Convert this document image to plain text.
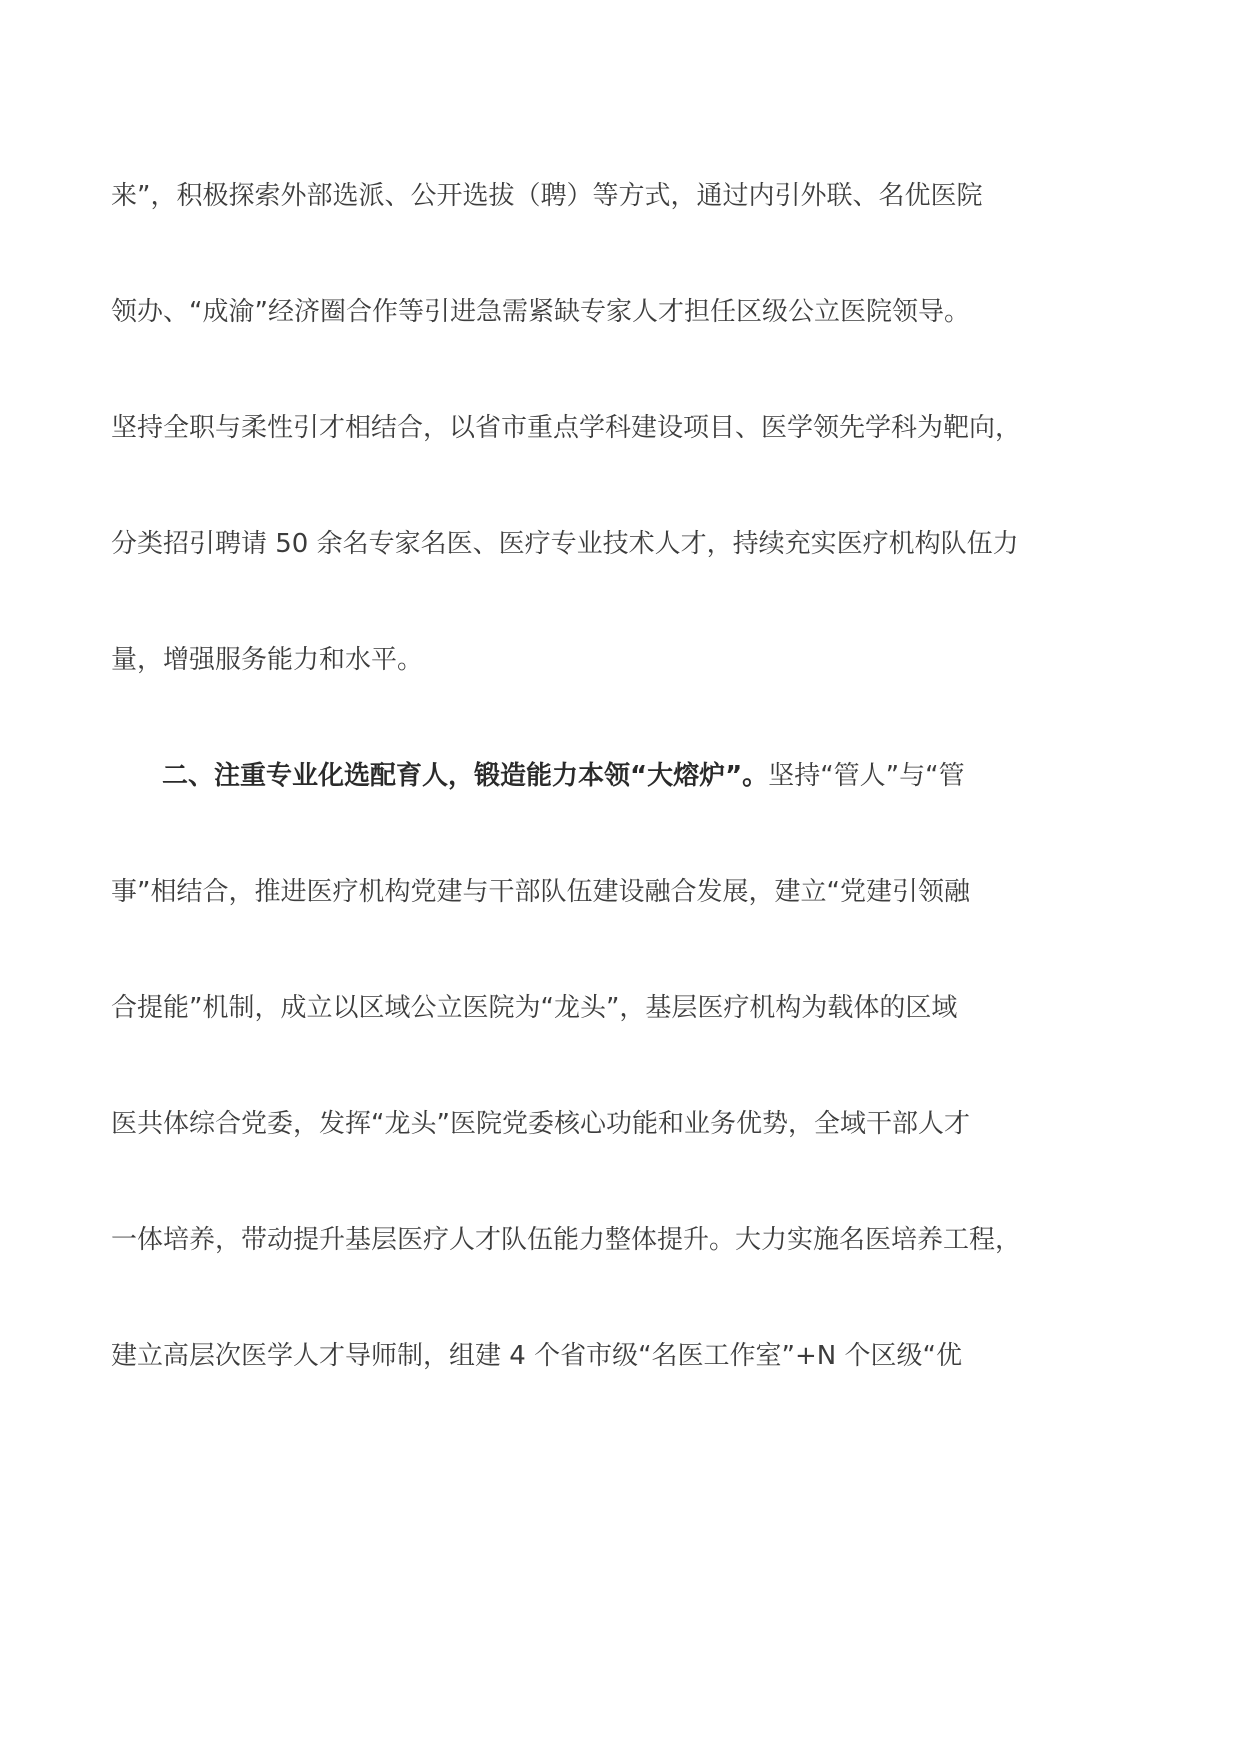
来”，积极探索外部选派、公开选拔（聘）等方式，通过内引外联、名优医院
领办、“成渝”经济圈合作等引进急需紧缺专家人才担任区级公立医院领导。
坚持全职与柔性引才相结合，以省市重点学科建设项目、医学领先学科为靶向，
分类招引聘请 50 余名专家名医、医疗专业技术人才，持续充实医疗机构队伍力
量，增强服务能力和水平。
二、注重专业化选配育人，锻造能力本领“大熔炉”。坚持“管人”与“管
事”相结合，推进医疗机构党建与干部队伍建设融合发展，建立“党建引领融
合提能”机制，成立以区域公立医院为“龙头”，基层医疗机构为载体的区域
医共体综合党委，发挥“龙头”医院党委核心功能和业务优势，全域干部人才
一体培养，带动提升基层医疗人才队伍能力整体提升。大力实施名医培养工程，
建立高层次医学人才导师制，组建 4 个省市级“名医工作室”+N 个区级“优
